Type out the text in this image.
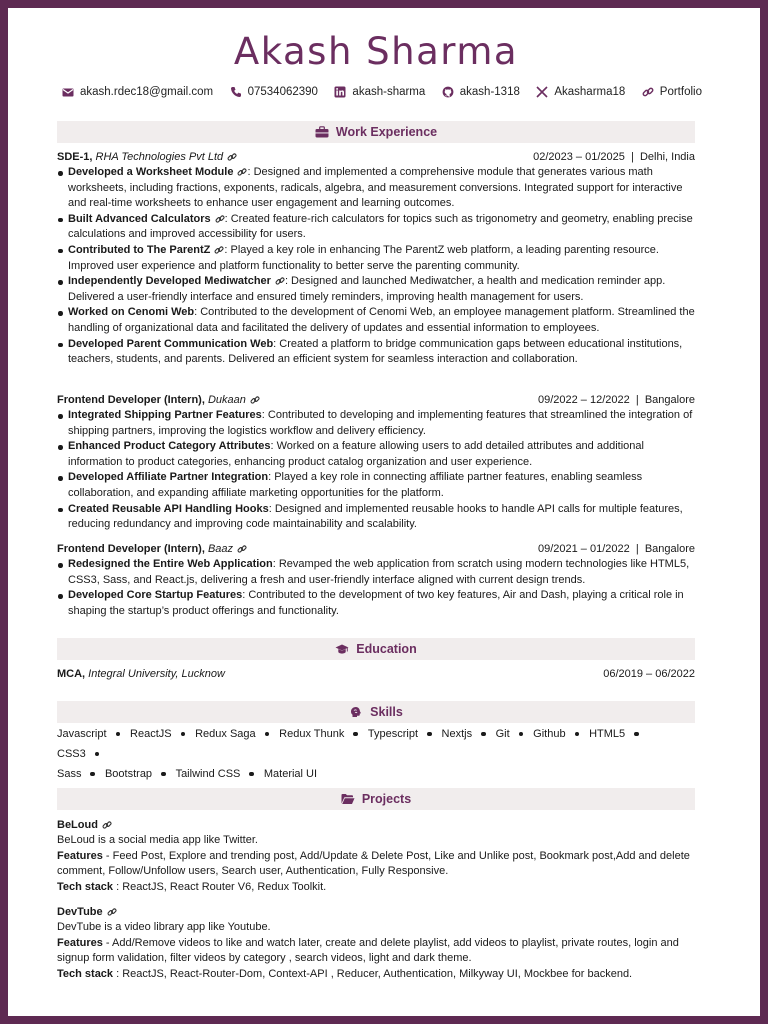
Akash Sharma
akash.rdec18@gmail.com	07534062390	akash-sharma	akash-1318	Akasharma18	Portfolio
Work Experience
SDE-1, RHA Technologies Pvt Ltd	02/2023 – 01/2025  |  Delhi, India
Developed a Worksheet Module : Designed and implemented a comprehensive module that generates various math worksheets, including fractions, exponents, radicals, algebra, and measurement conversions. Integrated support for interactive and real-time worksheets to enhance user engagement and learning outcomes.
Built Advanced Calculators : Created feature-rich calculators for topics such as trigonometry and geometry, enabling precise calculations and improved accessibility for users.
Contributed to The ParentZ : Played a key role in enhancing The ParentZ web platform, a leading parenting resource. Improved user experience and platform functionality to better serve the parenting community.
Independently Developed Mediwatcher : Designed and launched Mediwatcher, a health and medication reminder app. Delivered a user-friendly interface and ensured timely reminders, improving health management for users.
Worked on Cenomi Web: Contributed to the development of Cenomi Web, an employee management platform. Streamlined the handling of organizational data and facilitated the delivery of updates and essential information to employees.
Developed Parent Communication Web: Created a platform to bridge communication gaps between educational institutions, teachers, students, and parents. Delivered an efficient system for seamless interaction and collaboration.
Frontend Developer (Intern), Dukaan	09/2022 – 12/2022  |  Bangalore
Integrated Shipping Partner Features: Contributed to developing and implementing features that streamlined the integration of shipping partners, improving the logistics workflow and delivery efficiency.
Enhanced Product Category Attributes: Worked on a feature allowing users to add detailed attributes and additional information to product categories, enhancing product catalog organization and user experience.
Developed Affiliate Partner Integration: Played a key role in connecting affiliate partner features, enabling seamless collaboration, and expanding affiliate marketing opportunities for the platform.
Created Reusable API Handling Hooks: Designed and implemented reusable hooks to handle API calls for multiple features, reducing redundancy and improving code maintainability and scalability.
Frontend Developer (Intern), Baaz	09/2021 – 01/2022  |  Bangalore
Redesigned the Entire Web Application: Revamped the web application from scratch using modern technologies like HTML5, CSS3, Sass, and React.js, delivering a fresh and user-friendly interface aligned with current design trends.
Developed Core Startup Features: Contributed to the development of two key features, Air and Dash, playing a critical role in shaping the startup’s product offerings and functionality.
Education
MCA, Integral University, Lucknow	06/2019 – 06/2022
Skills
Javascript ReactJS Redux Saga Redux Thunk Typescript Nextjs Git Github HTML5CSS3
Sass Bootstrap Tailwind CSS Material UI
Projects
BeLoud
BeLoud is a social media app like Twitter.
Features - Feed Post, Explore and trending post, Add/Update & Delete Post, Like and Unlike post, Bookmark post,Add and delete comment, Follow/Unfollow users, Search user, Authentication, Fully Responsive.
Tech stack : ReactJS, React Router V6, Redux Toolkit.
DevTube
DevTube is a video library app like Youtube.
Features - Add/Remove videos to like and watch later, create and delete playlist, add videos to playlist, private routes, login and signup form validation, filter videos by category , search videos, light and dark theme.
Tech stack : ReactJS, React-Router-Dom, Context-API , Reducer, Authentication, Milkyway UI, Mockbee for backend.
